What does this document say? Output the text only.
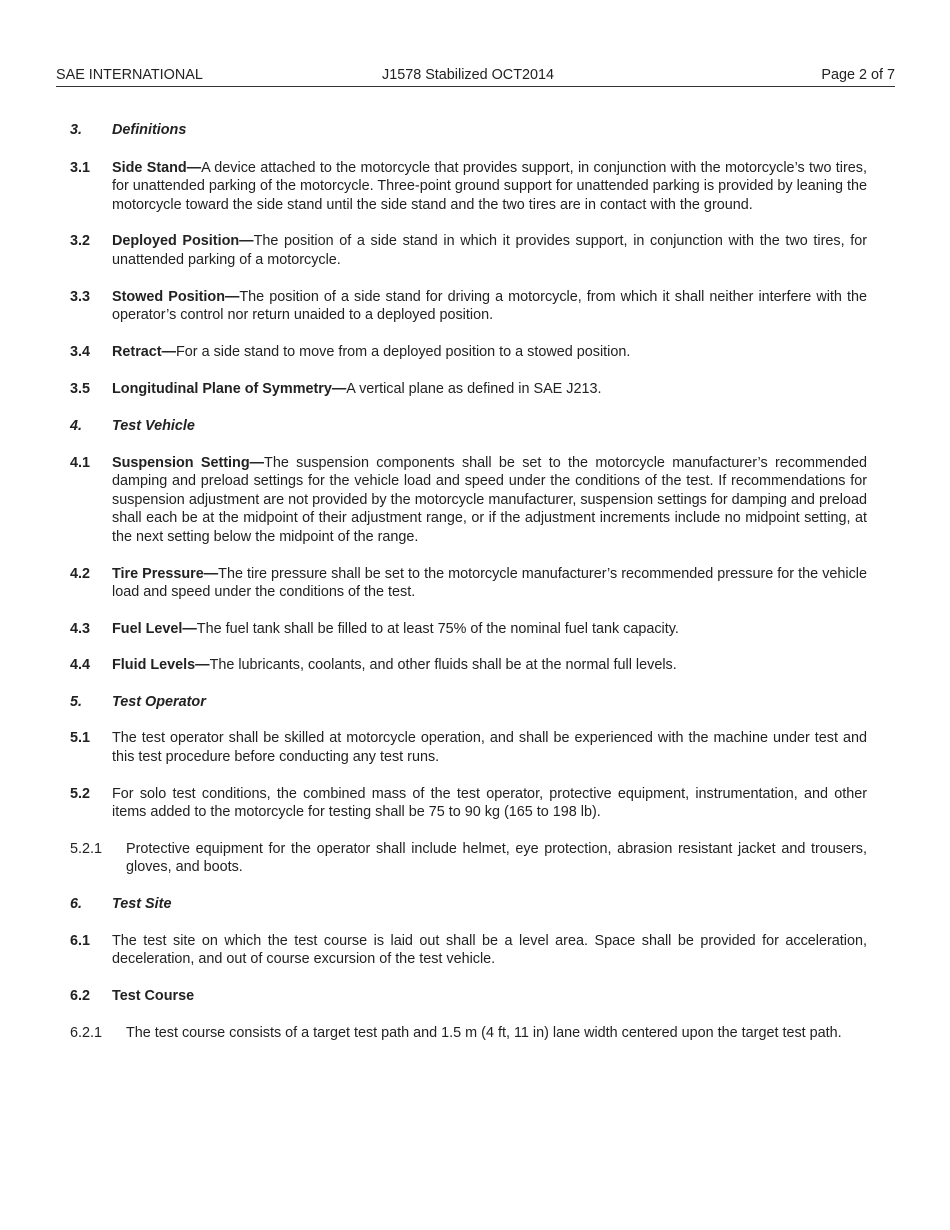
SAE INTERNATIONAL	J1578 Stabilized OCT2014	Page 2 of 7
3. Definitions
3.1 Side Stand—A device attached to the motorcycle that provides support, in conjunction with the motorcycle’s two tires, for unattended parking of the motorcycle. Three-point ground support for unattended parking is provided by leaning the motorcycle toward the side stand until the side stand and the two tires are in contact with the ground.
3.2 Deployed Position—The position of a side stand in which it provides support, in conjunction with the two tires, for unattended parking of a motorcycle.
3.3 Stowed Position—The position of a side stand for driving a motorcycle, from which it shall neither interfere with the operator’s control nor return unaided to a deployed position.
3.4 Retract—For a side stand to move from a deployed position to a stowed position.
3.5 Longitudinal Plane of Symmetry—A vertical plane as defined in SAE J213.
4. Test Vehicle
4.1 Suspension Setting—The suspension components shall be set to the motorcycle manufacturer’s recommended damping and preload settings for the vehicle load and speed under the conditions of the test. If recommendations for suspension adjustment are not provided by the motorcycle manufacturer, suspension settings for damping and preload shall each be at the midpoint of their adjustment range, or if the adjustment increments include no midpoint setting, at the next setting below the midpoint of the range.
4.2 Tire Pressure—The tire pressure shall be set to the motorcycle manufacturer’s recommended pressure for the vehicle load and speed under the conditions of the test.
4.3 Fuel Level—The fuel tank shall be filled to at least 75% of the nominal fuel tank capacity.
4.4 Fluid Levels—The lubricants, coolants, and other fluids shall be at the normal full levels.
5. Test Operator
5.1 The test operator shall be skilled at motorcycle operation, and shall be experienced with the machine under test and this test procedure before conducting any test runs.
5.2 For solo test conditions, the combined mass of the test operator, protective equipment, instrumentation, and other items added to the motorcycle for testing shall be 75 to 90 kg (165 to 198 lb).
5.2.1 Protective equipment for the operator shall include helmet, eye protection, abrasion resistant jacket and trousers, gloves, and boots.
6. Test Site
6.1 The test site on which the test course is laid out shall be a level area. Space shall be provided for acceleration, deceleration, and out of course excursion of the test vehicle.
6.2 Test Course
6.2.1 The test course consists of a target test path and 1.5 m (4 ft, 11 in) lane width centered upon the target test path.
